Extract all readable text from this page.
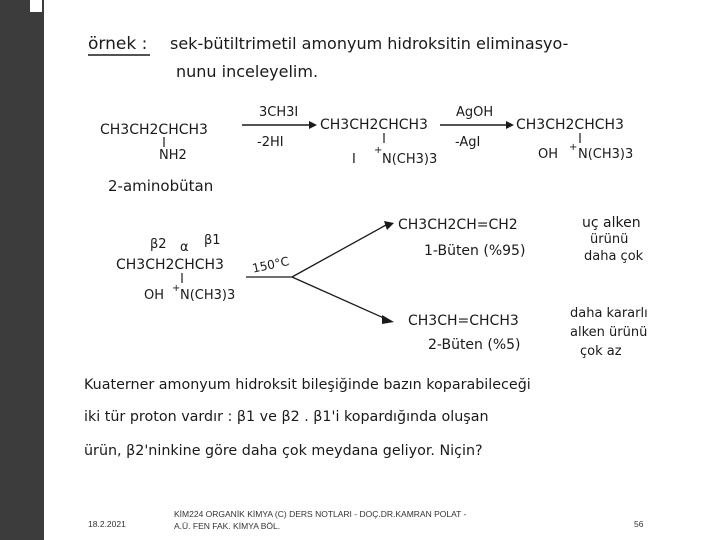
örnek : sek-bütiltrimetil amonyum hidroksitin eliminasyo-
nunu inceleyelim.
CH3CH2CHCH3
NH2
3CH3I
-2HI
CH3CH2CHCH3
I
+
N(CH3)3
AgOH
-AgI
CH3CH2CHCH3
OH + N(CH3)3
2-aminobütan
β2 α β1
CH3CH2CHCH3
OH + N(CH3)3
150°C
CH3CH2CH=CH2
1-Büten (%95)
uç alken
ürünü
daha çok
CH3CH=CHCH3
2-Büten (%5)
daha kararlı
alken ürünü
çok az
Kuaterner amonyum hidroksit bileşiğinde bazın koparabileceği
iki tür proton vardır : β1 ve β2 . β1'i kopardığında oluşan
ürün, β2'ninkine göre daha çok meydana geliyor. Niçin?
18.2.2021
KİM224 ORGANİK KİMYA (C) DERS NOTLARI - DOÇ.DR.KAMRAN POLAT -
A.Ü. FEN FAK. KİMYA BÖL.	56
